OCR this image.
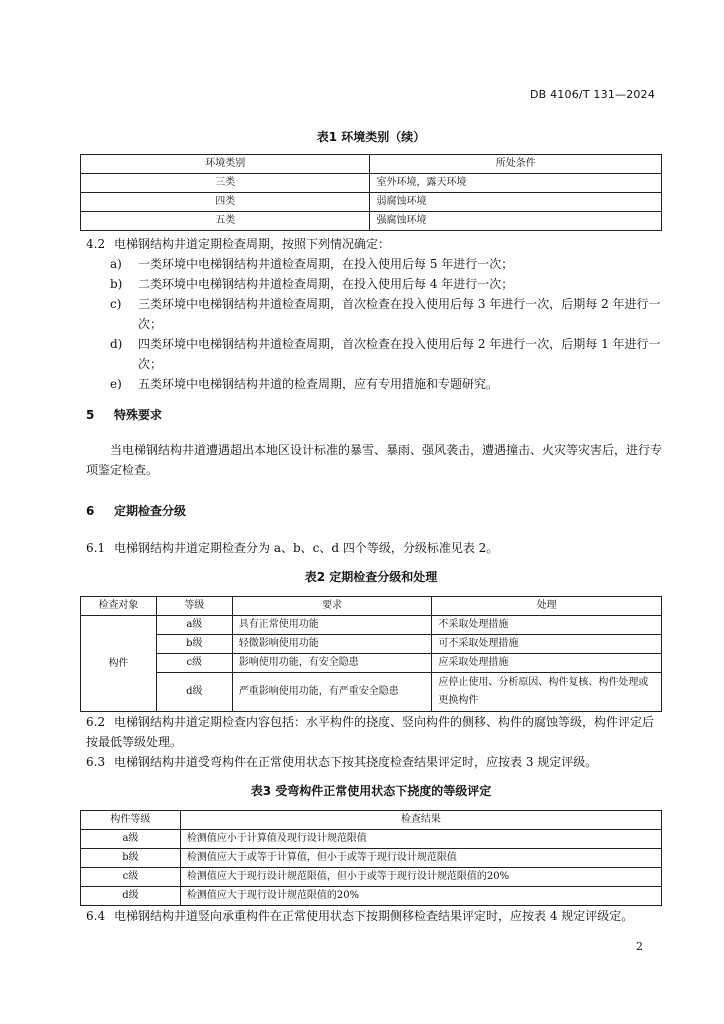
DB 4106/T 131—2024
表1 环境类别（续）
环境类别	所处条件
三类	室外环境，露天环境
四类	弱腐蚀环境
五类	强腐蚀环境
4.2 电梯钢结构井道定期检查周期，按照下列情况确定：
a)	一类环境中电梯钢结构井道检查周期，在投入使用后每 5 年进行一次；
b)	二类环境中电梯钢结构井道检查周期，在投入使用后每 4 年进行一次；
c)	三类环境中电梯钢结构井道检查周期，首次检查在投入使用后每 3 年进行一次，后期每 2 年进行一次；
d)	四类环境中电梯钢结构井道检查周期，首次检查在投入使用后每 2 年进行一次，后期每 1 年进行一次；
e)	五类环境中电梯钢结构井道的检查周期，应有专用措施和专题研究。
5 特殊要求
当电梯钢结构井道遭遇超出本地区设计标准的暴雪、暴雨、强风袭击，遭遇撞击、火灾等灾害后，进行专项鉴定检查。
6 定期检查分级
6.1 电梯钢结构井道定期检查分为 a、b、c、d 四个等级，分级标准见表 2。
表2 定期检查分级和处理
检查对象	等级	要求	处理
构件	a级	具有正常使用功能	不采取处理措施
	b级	轻微影响使用功能	可不采取处理措施
	c级	影响使用功能，有安全隐患	应采取处理措施
	d级	严重影响使用功能，有严重安全隐患	应停止使用、分析原因、构件复核、构件处理或更换构件
6.2 电梯钢结构井道定期检查内容包括：水平构件的挠度、竖向构件的侧移、构件的腐蚀等级，构件评定后按最低等级处理。
6.3 电梯钢结构井道受弯构件在正常使用状态下按其挠度检查结果评定时，应按表 3 规定评级。
表3 受弯构件正常使用状态下挠度的等级评定
构件等级	检查结果
a级	检测值应小于计算值及现行设计规范限值
b级	检测值应大于或等于计算值，但小于或等于现行设计规范限值
c级	检测值应大于现行设计规范限值，但小于或等于现行设计规范限值的20%
d级	检测值应大于现行设计规范限值的20%
6.4 电梯钢结构井道竖向承重构件在正常使用状态下按期侧移检查结果评定时，应按表 4 规定评级定。
2
